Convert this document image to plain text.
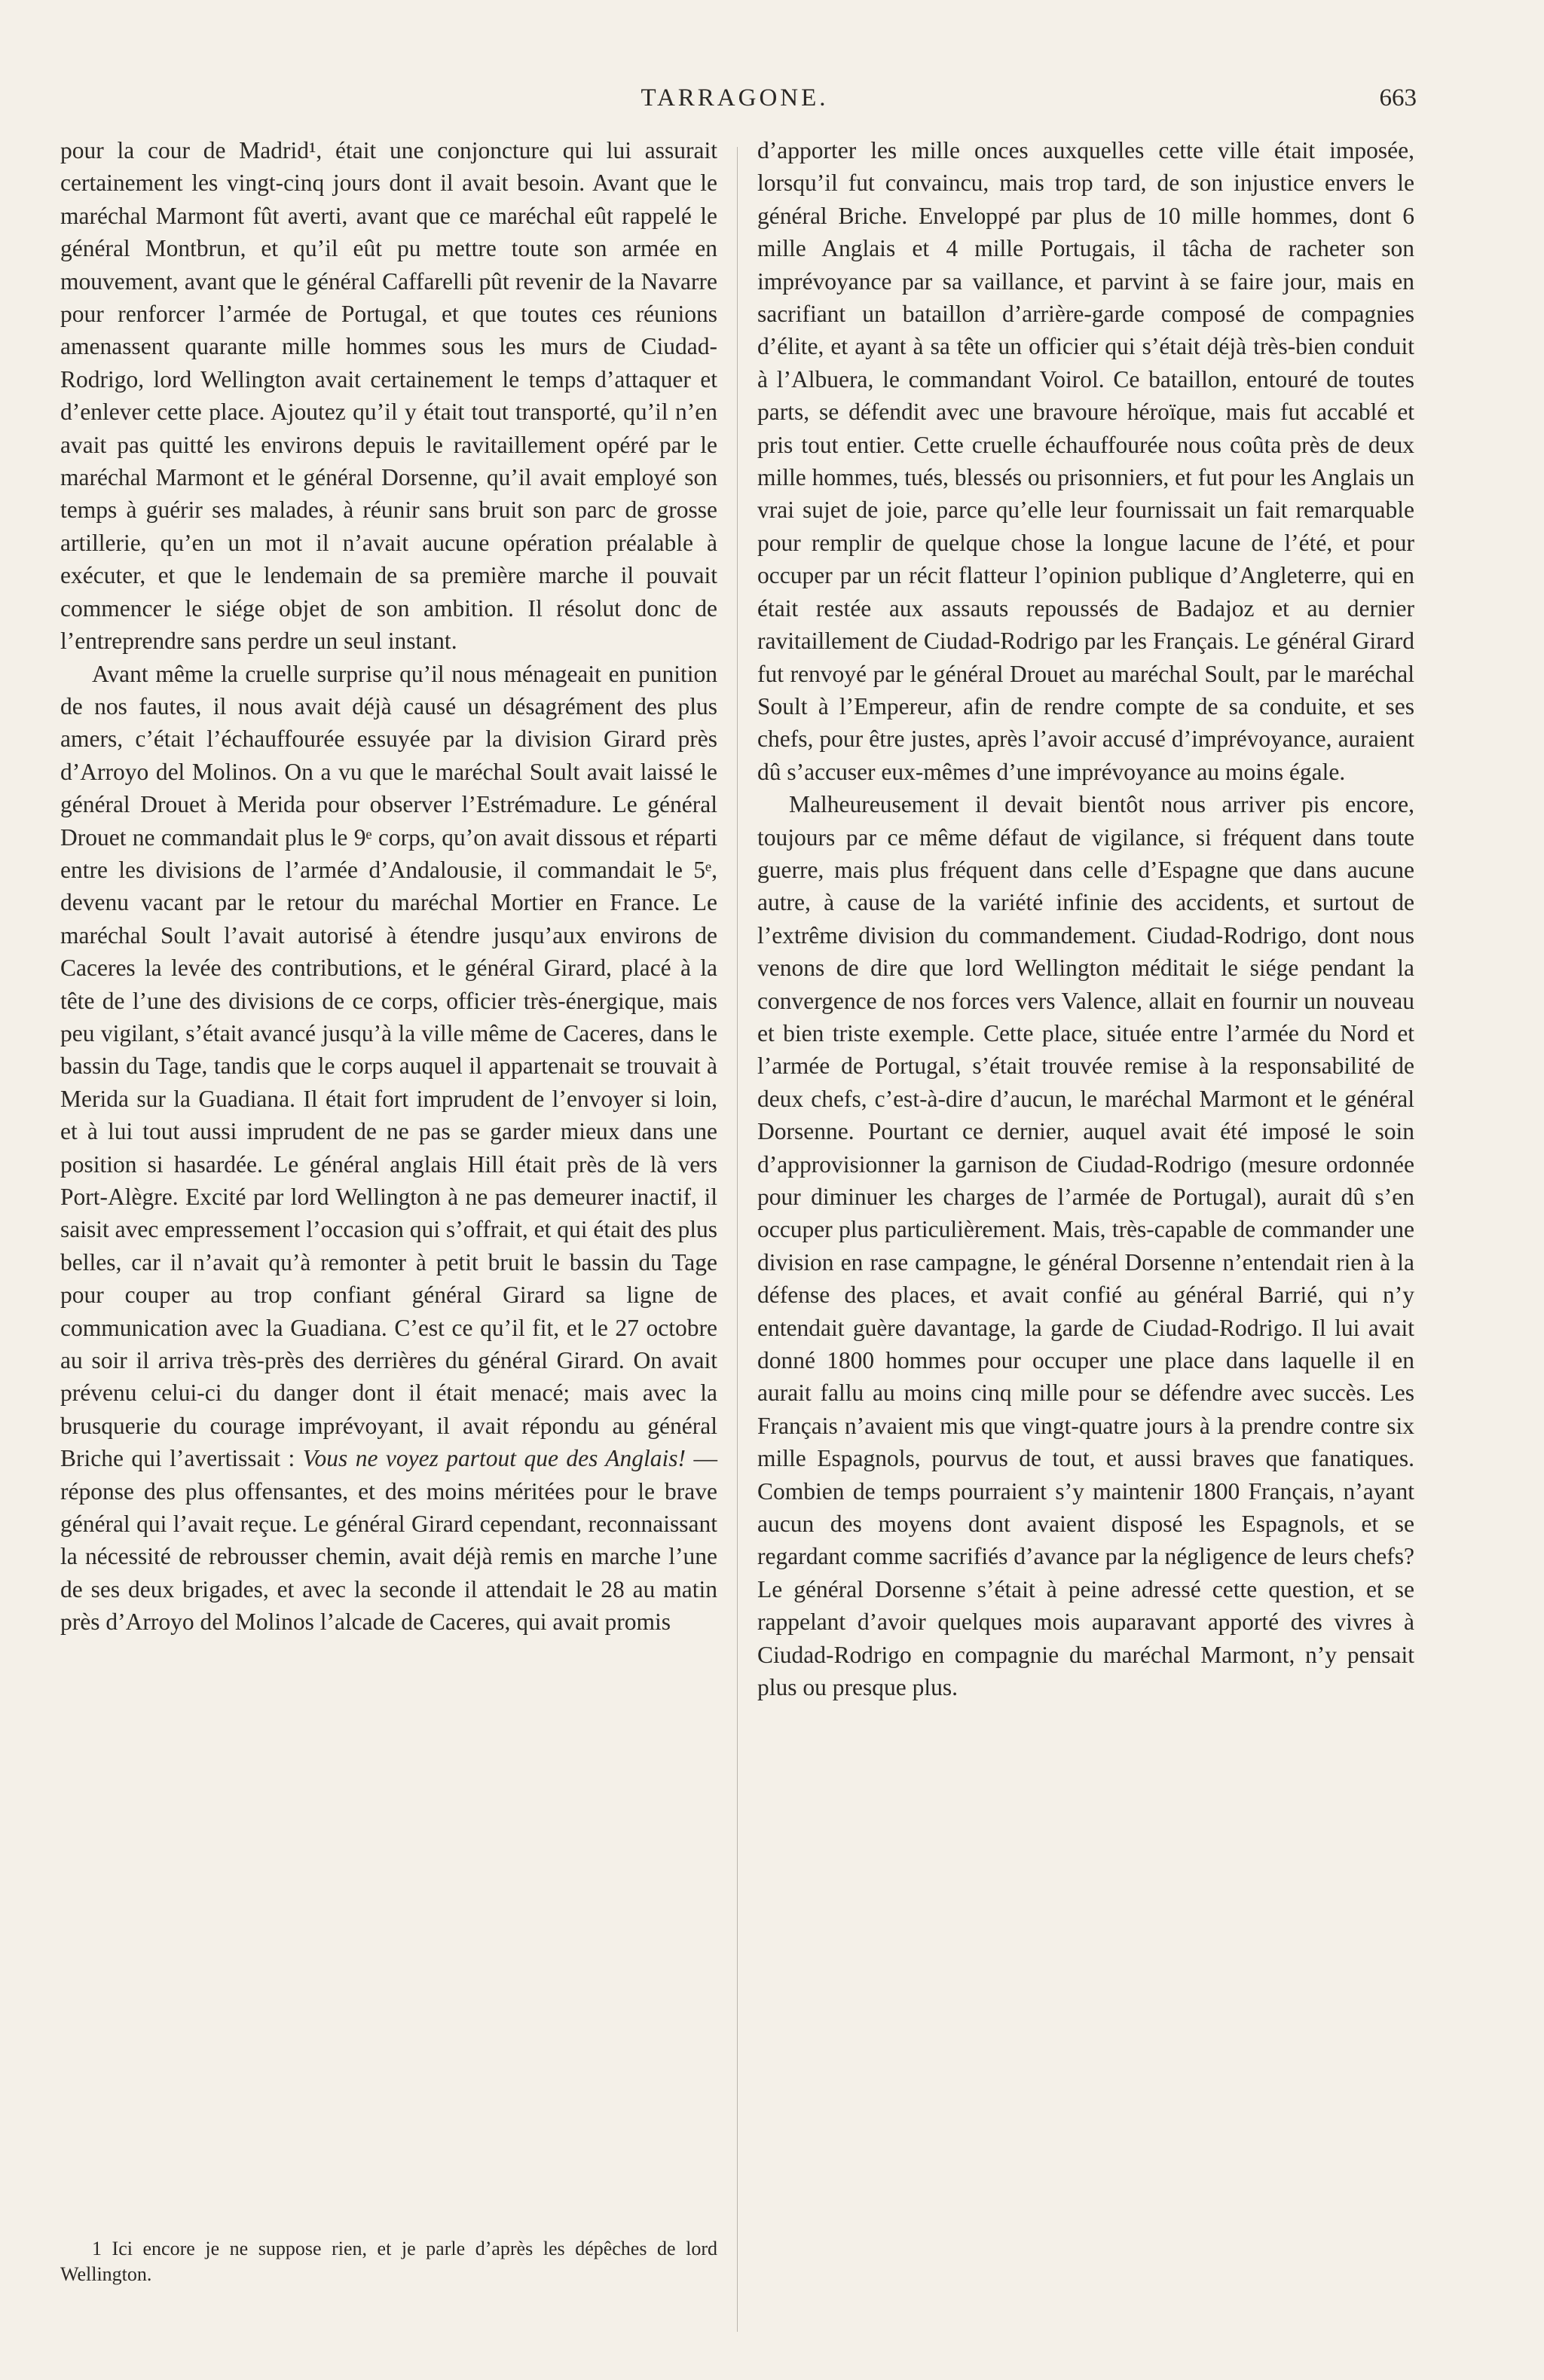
TARRAGONE.	663

pour la cour de Madrid¹, était une conjoncture qui lui assurait certainement les vingt-cinq jours dont il avait besoin. Avant que le maréchal Marmont fût averti, avant que ce maréchal eût rappelé le général Montbrun, et qu’il eût pu mettre toute son armée en mouvement, avant que le général Caffarelli pût revenir de la Navarre pour renforcer l’armée de Portugal, et que toutes ces réunions amenassent quarante mille hommes sous les murs de Ciudad-Rodrigo, lord Wellington avait certainement le temps d’attaquer et d’enlever cette place. Ajoutez qu’il y était tout transporté, qu’il n’en avait pas quitté les environs depuis le ravitaillement opéré par le maréchal Marmont et le général Dorsenne, qu’il avait employé son temps à guérir ses malades, à réunir sans bruit son parc de grosse artillerie, qu’en un mot il n’avait aucune opération préalable à exécuter, et que le lendemain de sa première marche il pouvait commencer le siége objet de son ambition. Il résolut donc de l’entreprendre sans perdre un seul instant.

Avant même la cruelle surprise qu’il nous ménageait en punition de nos fautes, il nous avait déjà causé un désagrément des plus amers, c’était l’échauffourée essuyée par la division Girard près d’Arroyo del Molinos. On a vu que le maréchal Soult avait laissé le général Drouet à Merida pour observer l’Estrémadure. Le général Drouet ne commandait plus le 9ᵉ corps, qu’on avait dissous et réparti entre les divisions de l’armée d’Andalousie, il commandait le 5ᵉ, devenu vacant par le retour du maréchal Mortier en France. Le maréchal Soult l’avait autorisé à étendre jusqu’aux environs de Caceres la levée des contributions, et le général Girard, placé à la tête de l’une des divisions de ce corps, officier très-énergique, mais peu vigilant, s’était avancé jusqu’à la ville même de Caceres, dans le bassin du Tage, tandis que le corps auquel il appartenait se trouvait à Merida sur la Guadiana. Il était fort imprudent de l’envoyer si loin, et à lui tout aussi imprudent de ne pas se garder mieux dans une position si hasardée. Le général anglais Hill était près de là vers Port-Alègre. Excité par lord Wellington à ne pas demeurer inactif, il saisit avec empressement l’occasion qui s’offrait, et qui était des plus belles, car il n’avait qu’à remonter à petit bruit le bassin du Tage pour couper au trop confiant général Girard sa ligne de communication avec la Guadiana. C’est ce qu’il fit, et le 27 octobre au soir il arriva très-près des derrières du général Girard. On avait prévenu celui-ci du danger dont il était menacé; mais avec la brusquerie du courage imprévoyant, il avait répondu au général Briche qui l’avertissait : Vous ne voyez partout que des Anglais! — réponse des plus offensantes, et des moins méritées pour le brave général qui l’avait reçue. Le général Girard cependant, reconnaissant la nécessité de rebrousser chemin, avait déjà remis en marche l’une de ses deux brigades, et avec la seconde il attendait le 28 au matin près d’Arroyo del Molinos l’alcade de Caceres, qui avait promis

1 Ici encore je ne suppose rien, et je parle d’après les dépêches de lord Wellington.

d’apporter les mille onces auxquelles cette ville était imposée, lorsqu’il fut convaincu, mais trop tard, de son injustice envers le général Briche. Enveloppé par plus de 10 mille hommes, dont 6 mille Anglais et 4 mille Portugais, il tâcha de racheter son imprévoyance par sa vaillance, et parvint à se faire jour, mais en sacrifiant un bataillon d’arrière-garde composé de compagnies d’élite, et ayant à sa tête un officier qui s’était déjà très-bien conduit à l’Albuera, le commandant Voirol. Ce bataillon, entouré de toutes parts, se défendit avec une bravoure héroïque, mais fut accablé et pris tout entier. Cette cruelle échauffourée nous coûta près de deux mille hommes, tués, blessés ou prisonniers, et fut pour les Anglais un vrai sujet de joie, parce qu’elle leur fournissait un fait remarquable pour remplir de quelque chose la longue lacune de l’été, et pour occuper par un récit flatteur l’opinion publique d’Angleterre, qui en était restée aux assauts repoussés de Badajoz et au dernier ravitaillement de Ciudad-Rodrigo par les Français. Le général Girard fut renvoyé par le général Drouet au maréchal Soult, par le maréchal Soult à l’Empereur, afin de rendre compte de sa conduite, et ses chefs, pour être justes, après l’avoir accusé d’imprévoyance, auraient dû s’accuser eux-mêmes d’une imprévoyance au moins égale.

Malheureusement il devait bientôt nous arriver pis encore, toujours par ce même défaut de vigilance, si fréquent dans toute guerre, mais plus fréquent dans celle d’Espagne que dans aucune autre, à cause de la variété infinie des accidents, et surtout de l’extrême division du commandement. Ciudad-Rodrigo, dont nous venons de dire que lord Wellington méditait le siége pendant la convergence de nos forces vers Valence, allait en fournir un nouveau et bien triste exemple. Cette place, située entre l’armée du Nord et l’armée de Portugal, s’était trouvée remise à la responsabilité de deux chefs, c’est-à-dire d’aucun, le maréchal Marmont et le général Dorsenne. Pourtant ce dernier, auquel avait été imposé le soin d’approvisionner la garnison de Ciudad-Rodrigo (mesure ordonnée pour diminuer les charges de l’armée de Portugal), aurait dû s’en occuper plus particulièrement. Mais, très-capable de commander une division en rase campagne, le général Dorsenne n’entendait rien à la défense des places, et avait confié au général Barrié, qui n’y entendait guère davantage, la garde de Ciudad-Rodrigo. Il lui avait donné 1800 hommes pour occuper une place dans laquelle il en aurait fallu au moins cinq mille pour se défendre avec succès. Les Français n’avaient mis que vingt-quatre jours à la prendre contre six mille Espagnols, pourvus de tout, et aussi braves que fanatiques. Combien de temps pourraient s’y maintenir 1800 Français, n’ayant aucun des moyens dont avaient disposé les Espagnols, et se regardant comme sacrifiés d’avance par la négligence de leurs chefs? Le général Dorsenne s’était à peine adressé cette question, et se rappelant d’avoir quelques mois auparavant apporté des vivres à Ciudad-Rodrigo en compagnie du maréchal Marmont, n’y pensait plus ou presque plus.
